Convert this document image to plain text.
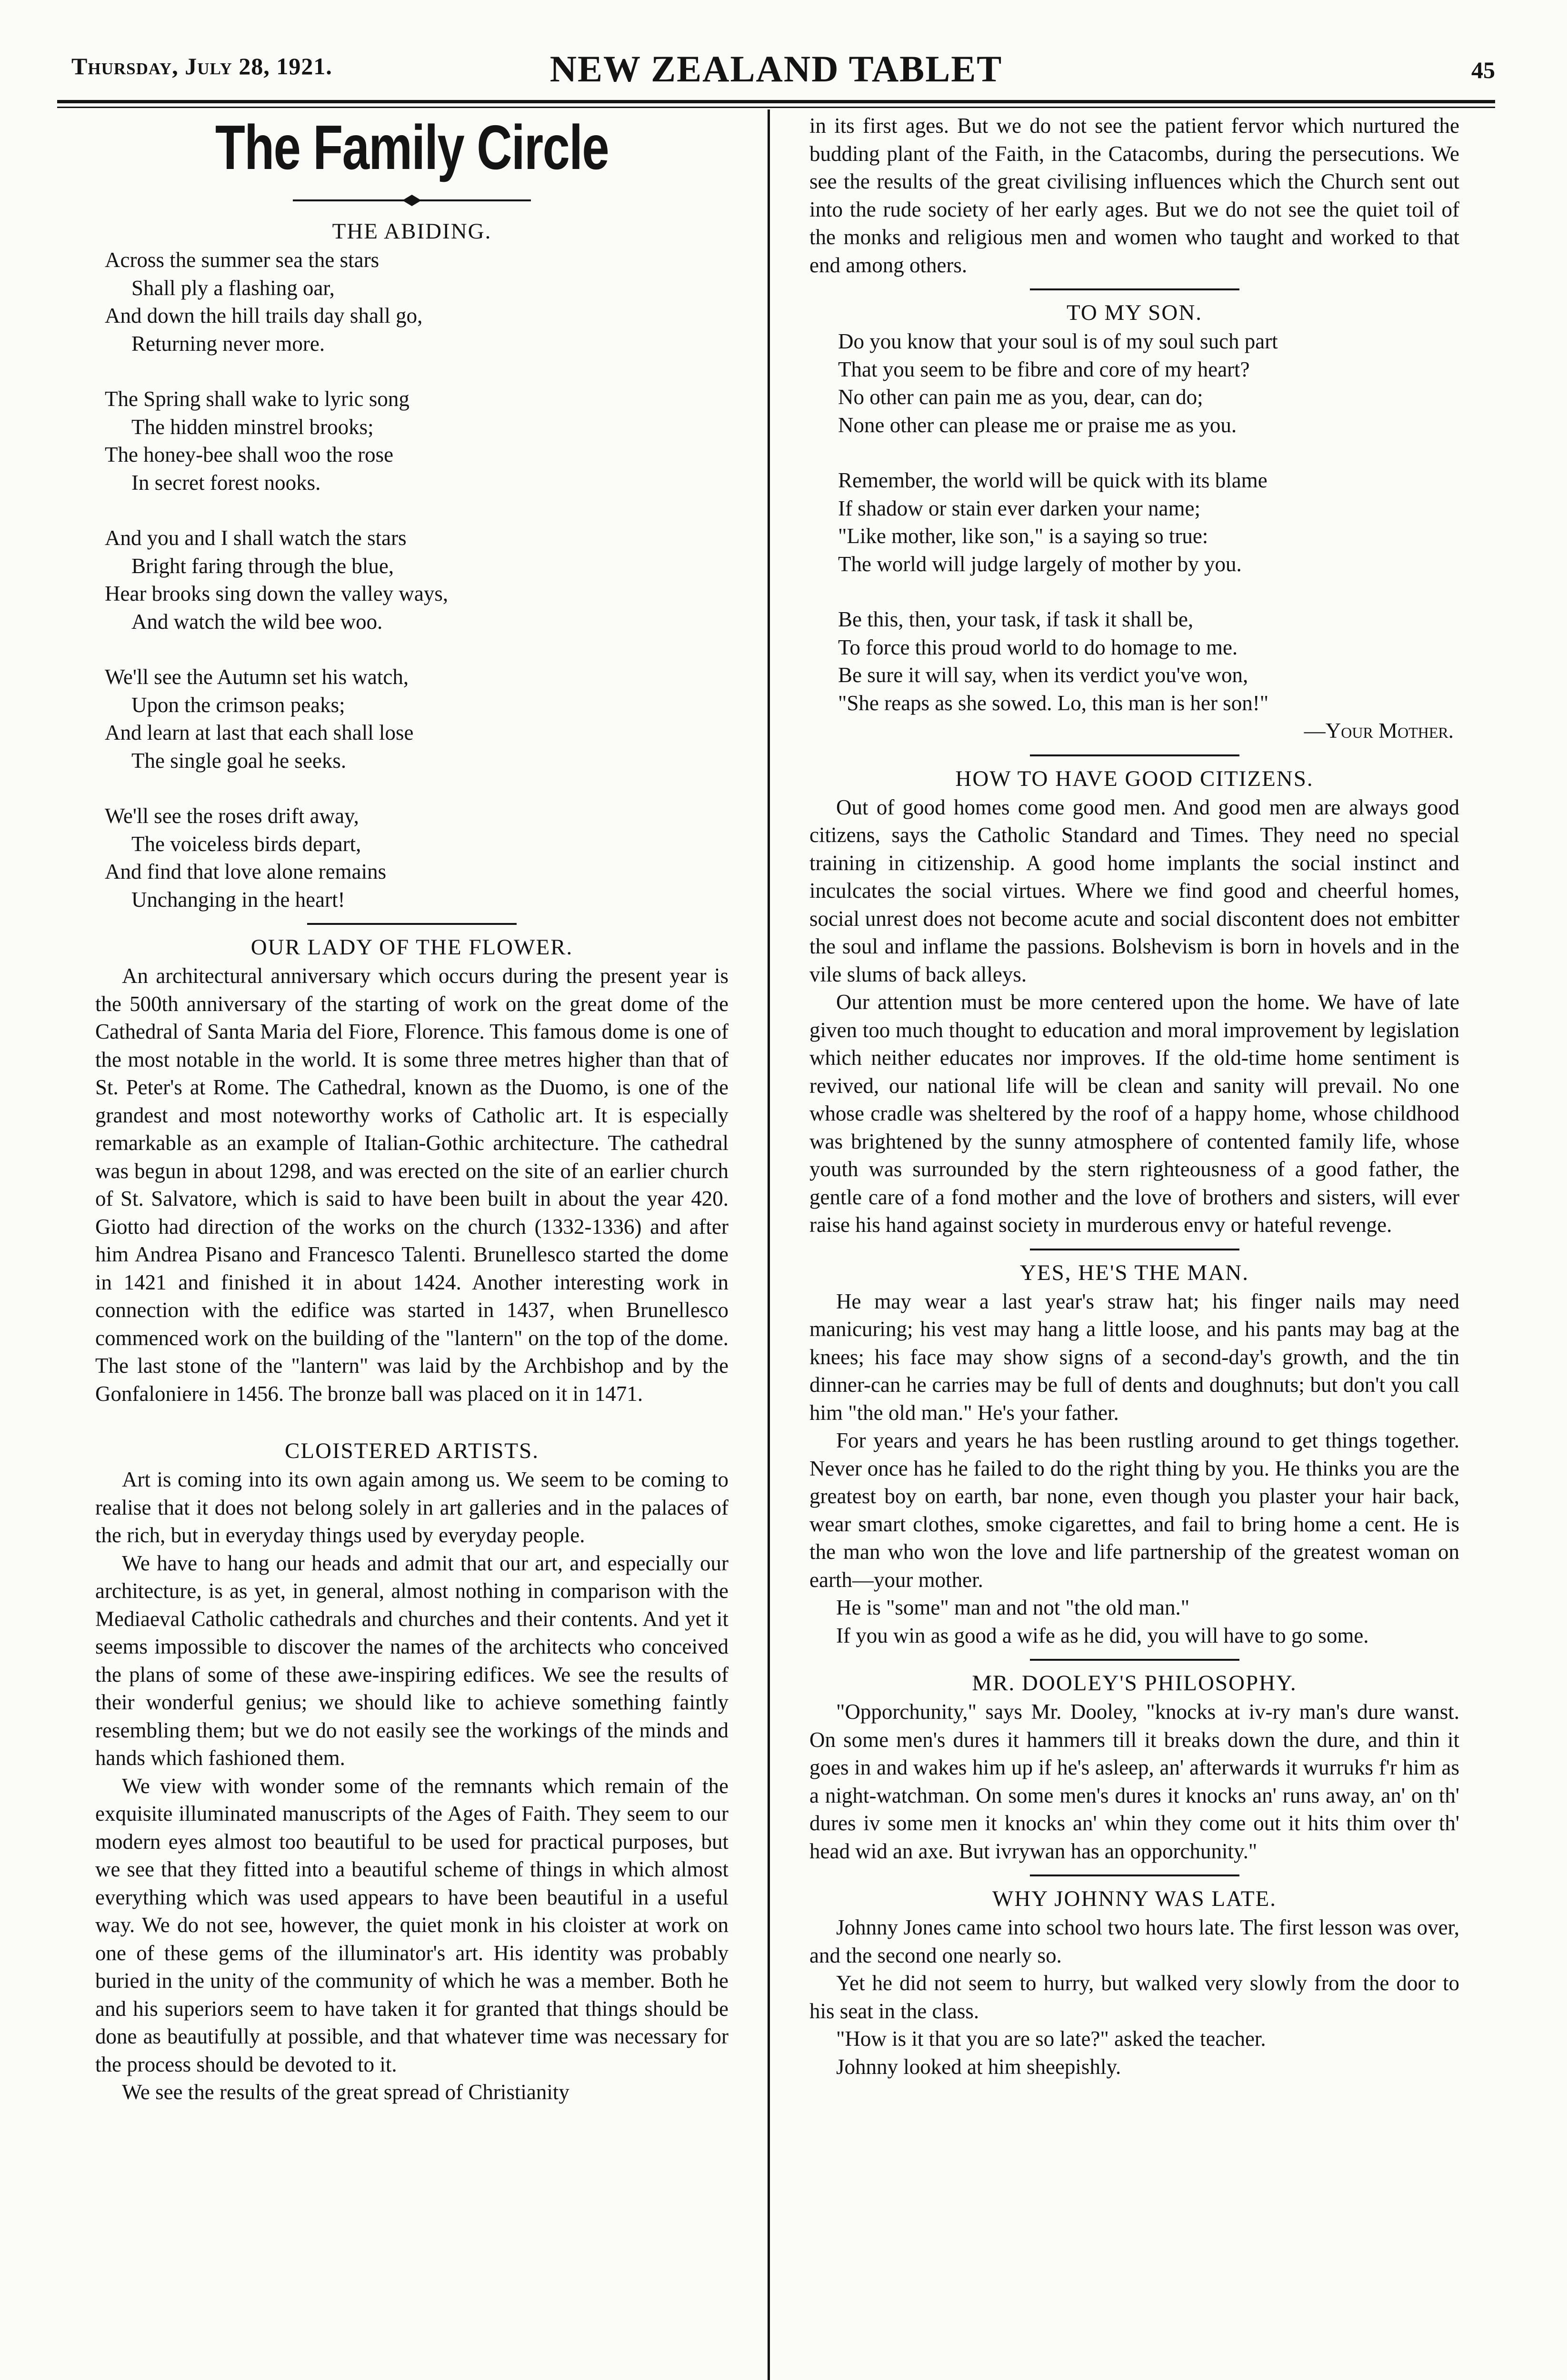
Thursday, July 28, 1921.	NEW ZEALAND TABLET	45
The Family Circle
THE ABIDING.
Across the summer sea the stars
Shall ply a flashing oar,
And down the hill trails day shall go,
Returning never more.
The Spring shall wake to lyric song
The hidden minstrel brooks;
The honey-bee shall woo the rose
In secret forest nooks.
And you and I shall watch the stars
Bright faring through the blue,
Hear brooks sing down the valley ways,
And watch the wild bee woo.
We'll see the Autumn set his watch,
Upon the crimson peaks;
And learn at last that each shall lose
The single goal he seeks.
We'll see the roses drift away,
The voiceless birds depart,
And find that love alone remains
Unchanging in the heart!
OUR LADY OF THE FLOWER.

An architectural anniversary which occurs during the present year is the 500th anniversary of the starting of work on the great dome of the Cathedral of Santa Maria del Fiore, Florence. This famous dome is one of the most notable in the world. It is some three metres higher than that of St. Peter's at Rome. The Cathedral, known as the Duomo, is one of the grandest and most noteworthy works of Catholic art. It is especially remarkable as an example of Italian-Gothic architecture. The cathedral was begun in about 1298, and was erected on the site of an earlier church of St. Salvatore, which is said to have been built in about the year 420. Giotto had direction of the works on the church (1332-1336) and after him Andrea Pisano and Francesco Talenti. Brunellesco started the dome in 1421 and finished it in about 1424. Another interesting work in connection with the edifice was started in 1437, when Brunellesco commenced work on the building of the "lantern" on the top of the dome. The last stone of the "lantern" was laid by the Archbishop and by the Gonfaloniere in 1456. The bronze ball was placed on it in 1471.

CLOISTERED ARTISTS.

Art is coming into its own again among us. We seem to be coming to realise that it does not belong solely in art galleries and in the palaces of the rich, but in everyday things used by everyday people.

We have to hang our heads and admit that our art, and especially our architecture, is as yet, in general, almost nothing in comparison with the Mediaeval Catholic cathedrals and churches and their contents. And yet it seems impossible to discover the names of the architects who conceived the plans of some of these awe-inspiring edifices. We see the results of their wonderful genius; we should like to achieve something faintly resembling them; but we do not easily see the workings of the minds and hands which fashioned them.

We view with wonder some of the remnants which remain of the exquisite illuminated manuscripts of the Ages of Faith. They seem to our modern eyes almost too beautiful to be used for practical purposes, but we see that they fitted into a beautiful scheme of things in which almost everything which was used appears to have been beautiful in a useful way. We do not see, however, the quiet monk in his cloister at work on one of these gems of the illuminator's art. His identity was probably buried in the unity of the community of which he was a member. Both he and his superiors seem to have taken it for granted that things should be done as beautifully at possible, and that whatever time was necessary for the process should be devoted to it.

We see the results of the great spread of Christianity

in its first ages. But we do not see the patient fervor which nurtured the budding plant of the Faith, in the Catacombs, during the persecutions. We see the results of the great civilising influences which the Church sent out into the rude society of her early ages. But we do not see the quiet toil of the monks and religious men and women who taught and worked to that end among others.

TO MY SON.
Do you know that your soul is of my soul such part
That you seem to be fibre and core of my heart?
No other can pain me as you, dear, can do;
None other can please me or praise me as you.
Remember, the world will be quick with its blame
If shadow or stain ever darken your name;
"Like mother, like son," is a saying so true:
The world will judge largely of mother by you.
Be this, then, your task, if task it shall be,
To force this proud world to do homage to me.
Be sure it will say, when its verdict you've won,
"She reaps as she sowed. Lo, this man is her son!"
—Your Mother.
HOW TO HAVE GOOD CITIZENS.

Out of good homes come good men. And good men are always good citizens, says the Catholic Standard and Times. They need no special training in citizenship. A good home implants the social instinct and inculcates the social virtues. Where we find good and cheerful homes, social unrest does not become acute and social discontent does not embitter the soul and inflame the passions. Bolshevism is born in hovels and in the vile slums of back alleys.

Our attention must be more centered upon the home. We have of late given too much thought to education and moral improvement by legislation which neither educates nor improves. If the old-time home sentiment is revived, our national life will be clean and sanity will prevail. No one whose cradle was sheltered by the roof of a happy home, whose childhood was brightened by the sunny atmosphere of contented family life, whose youth was surrounded by the stern righteousness of a good father, the gentle care of a fond mother and the love of brothers and sisters, will ever raise his hand against society in murderous envy or hateful revenge.

YES, HE'S THE MAN.

He may wear a last year's straw hat; his finger nails may need manicuring; his vest may hang a little loose, and his pants may bag at the knees; his face may show signs of a second-day's growth, and the tin dinner-can he carries may be full of dents and doughnuts; but don't you call him "the old man." He's your father.

For years and years he has been rustling around to get things together. Never once has he failed to do the right thing by you. He thinks you are the greatest boy on earth, bar none, even though you plaster your hair back, wear smart clothes, smoke cigarettes, and fail to bring home a cent. He is the man who won the love and life partnership of the greatest woman on earth—your mother.

He is "some" man and not "the old man."

If you win as good a wife as he did, you will have to go some.

MR. DOOLEY'S PHILOSOPHY.

"Opporchunity," says Mr. Dooley, "knocks at iv-ry man's dure wanst. On some men's dures it hammers till it breaks down the dure, and thin it goes in and wakes him up if he's asleep, an' afterwards it wurruks f'r him as a night-watchman. On some men's dures it knocks an' runs away, an' on th' dures iv some men it knocks an' whin they come out it hits thim over th' head wid an axe. But ivrywan has an opporchunity."

WHY JOHNNY WAS LATE.

Johnny Jones came into school two hours late. The first lesson was over, and the second one nearly so.

Yet he did not seem to hurry, but walked very slowly from the door to his seat in the class.

"How is it that you are so late?" asked the teacher.

Johnny looked at him sheepishly.
